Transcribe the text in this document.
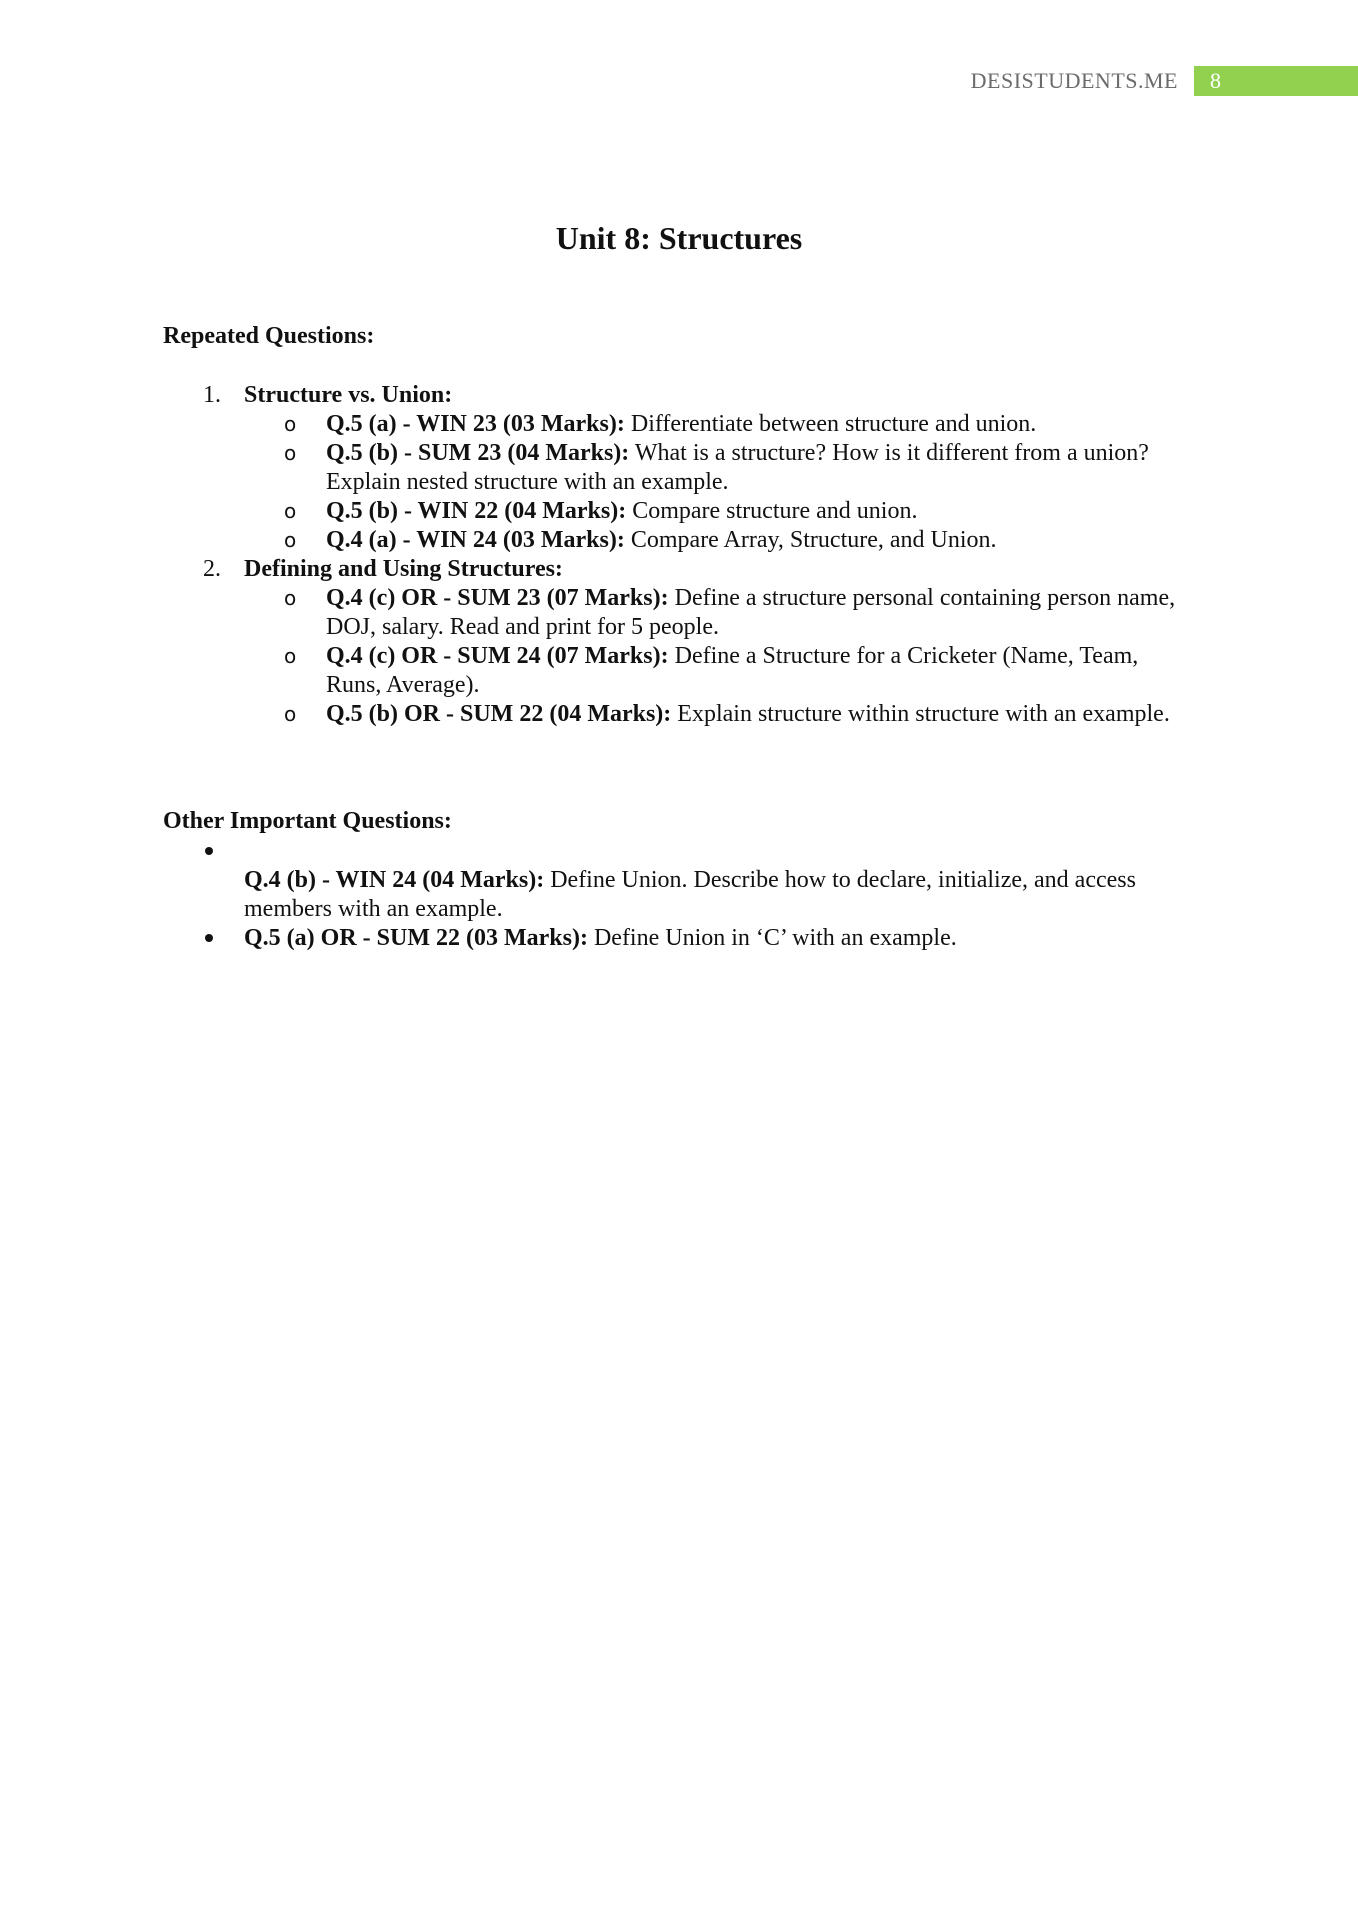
DESISTUDENTS.ME	8
Unit 8: Structures
Repeated Questions:
1. Structure vs. Union:
o Q.5 (a) - WIN 23 (03 Marks): Differentiate between structure and union.
o Q.5 (b) - SUM 23 (04 Marks): What is a structure? How is it different from a union? Explain nested structure with an example.
o Q.5 (b) - WIN 22 (04 Marks): Compare structure and union.
o Q.4 (a) - WIN 24 (03 Marks): Compare Array, Structure, and Union.
2. Defining and Using Structures:
o Q.4 (c) OR - SUM 23 (07 Marks): Define a structure personal containing person name, DOJ, salary. Read and print for 5 people.
o Q.4 (c) OR - SUM 24 (07 Marks): Define a Structure for a Cricketer (Name, Team, Runs, Average).
o Q.5 (b) OR - SUM 22 (04 Marks): Explain structure within structure with an example.
Other Important Questions:
Q.4 (b) - WIN 24 (04 Marks): Define Union. Describe how to declare, initialize, and access members with an example.
Q.5 (a) OR - SUM 22 (03 Marks): Define Union in ‘C’ with an example.
